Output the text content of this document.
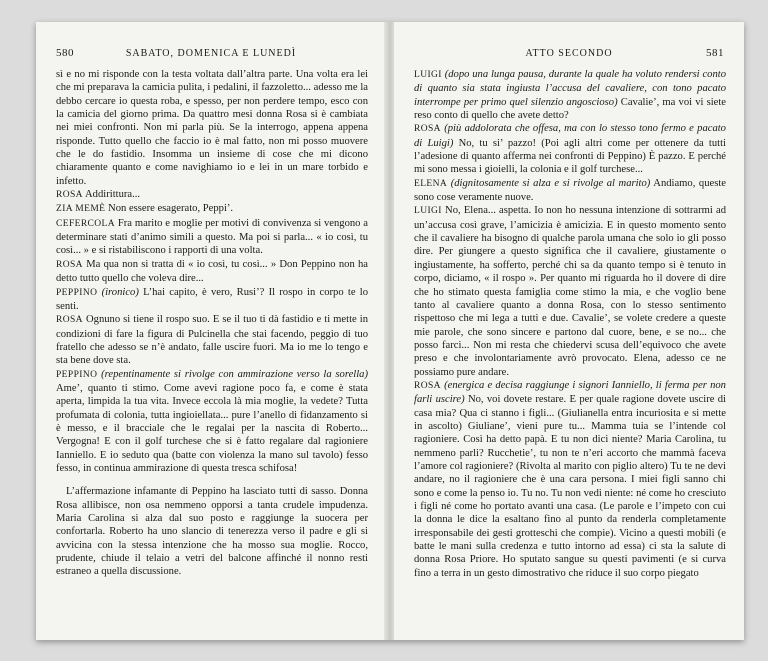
580	SABATO, DOMENICA E LUNEDÌ

sì e no mi risponde con la testa voltata dall’altra parte. Una volta era lei che mi preparava la camicia pulita, i pedalini, il fazzoletto... adesso me la debbo cercare io questa roba, e spesso, per non perdere tempo, esco con la camicia del giorno prima. Da quattro mesi donna Rosa si è cambiata nei miei confronti. Non mi parla più. Se la interrogo, appena appena risponde. Tutto quello che faccio io è mal fatto, non mi posso muovere che le do fastidio. Insomma un insieme di cose che mi dicono chiaramente quanto e come navighiamo io e lei in un mare torbido e infetto.

ROSA Addirittura...

ZIA MEMÈ Non essere esagerato, Peppi’.

CEFERCOLA Fra marito e moglie per motivi di convivenza si vengono a determinare stati d’animo simili a questo. Ma poi si parla... « io così, tu così... » e si ristabiliscono i rapporti di una volta.

ROSA Ma qua non si tratta di « io così, tu così... » Don Peppino non ha detto tutto quello che voleva dire...

PEPPINO (ironico) L’hai capito, è vero, Rusi’? Il rospo in corpo te lo senti.

ROSA Ognuno si tiene il rospo suo. E se il tuo ti dà fastidio e ti mette in condizioni di fare la figura di Pulcinella che stai facendo, peggio di tuo fratello che adesso se n’è andato, falle uscire fuori. Ma io me lo tengo e sta bene dove sta.

PEPPINO (repentinamente si rivolge con ammirazione verso la sorella) Ame’, quanto ti stimo. Come avevi ragione poco fa, e come è stata aperta, limpida la tua vita. Invece eccola là mia moglie, la vedete? Tutta profumata di colonia, tutta ingioiellata... pure l’anello di fidanzamento si è messo, e il bracciale che le regalai per la nascita di Roberto... Vergogna! E con il golf turchese che si è fatto regalare dal ragioniere Ianniello. E io seduto qua (batte con violenza la mano sul tavolo) fesso fesso, in continua ammirazione di questa tresca schifosa!

L’affermazione infamante di Peppino ha lasciato tutti di sasso. Donna Rosa allibisce, non osa nemmeno opporsi a tanta crudele impudenza. Maria Carolina si alza dal suo posto e raggiunge la suocera per confortarla. Roberto ha uno slancio di tenerezza verso il padre e gli si avvicina con la stessa intenzione che ha mosso sua moglie. Rocco, prudente, chiude il telaio a vetri del balcone affinché il nonno resti estraneo a quella discussione.

ATTO SECONDO	581

LUIGI (dopo una lunga pausa, durante la quale ha voluto rendersi conto di quanto sia stata ingiusta l’accusa del cavaliere, con tono pacato interrompe per primo quel silenzio angoscioso) Cavalie’, ma voi vi siete reso conto di quello che avete detto?

ROSA (più addolorata che offesa, ma con lo stesso tono fermo e pacato di Luigi) No, tu si’ pazzo! (Poi agli altri come per ottenere da tutti l’adesione di quanto afferma nei confronti di Peppino) È pazzo. E perché mi sono messa i gioielli, la colonia e il golf turchese...

ELENA (dignitosamente si alza e si rivolge al marito) Andiamo, queste sono cose veramente nuove.

LUIGI No, Elena... aspetta. Io non ho nessuna intenzione di sottrarmi ad un’accusa così grave, l’amicizia è amicizia. E in questo momento sento che il cavaliere ha bisogno di qualche parola umana che solo io gli posso dire. Per giungere a questo significa che il cavaliere, giustamente o ingiustamente, ha sofferto, perché chi sa da quanto tempo si è tenuto in corpo, diciamo, « il rospo ». Per quanto mi riguarda ho il dovere di dire che ho stimato questa famiglia come stimo la mia, e che voglio bene tanto al cavaliere quanto a donna Rosa, con lo stesso sentimento rispettoso che mi lega a tutti e due. Cavalie’, se volete credere a queste mie parole, che sono sincere e partono dal cuore, bene, e se no... che posso farci... Non mi resta che chiedervi scusa dell’equivoco che avete preso e che involontariamente avrò provocato. Elena, adesso ce ne possiamo pure andare.

ROSA (energica e decisa raggiunge i signori Ianniello, li ferma per non farli uscire) No, voi dovete restare. E per quale ragione dovete uscire di casa mia? Qua ci stanno i figli... (Giulianella entra incuriosita e si mette in ascolto) Giuliane’, vieni pure tu... Mamma tuia se l’intende col ragioniere. Così ha detto papà. E tu non dici niente? Maria Carolina, tu nemmeno parli? Rucchetie’, tu non te n’eri accorto che mammà faceva l’amore col ragioniere? (Rivolta al marito con piglio altero) Tu te ne devi andare, no il ragioniere che è una cara persona. I miei figli sanno chi sono e come la penso io. Tu no. Tu non vedi niente: né come ho cresciuto i figli né come ho portato avanti una casa. (Le parole e l’impeto con cui la donna le dice la esaltano fino al punto da renderla completamente irresponsabile dei gesti grotteschi che compie). Vicino a questi mobili (e batte le mani sulla credenza e tutto intorno ad essa) ci sta la salute di donna Rosa Priore. Ho sputato sangue su questi pavimenti (e si curva fino a terra in un gesto dimostrativo che riduce il suo corpo piegato
